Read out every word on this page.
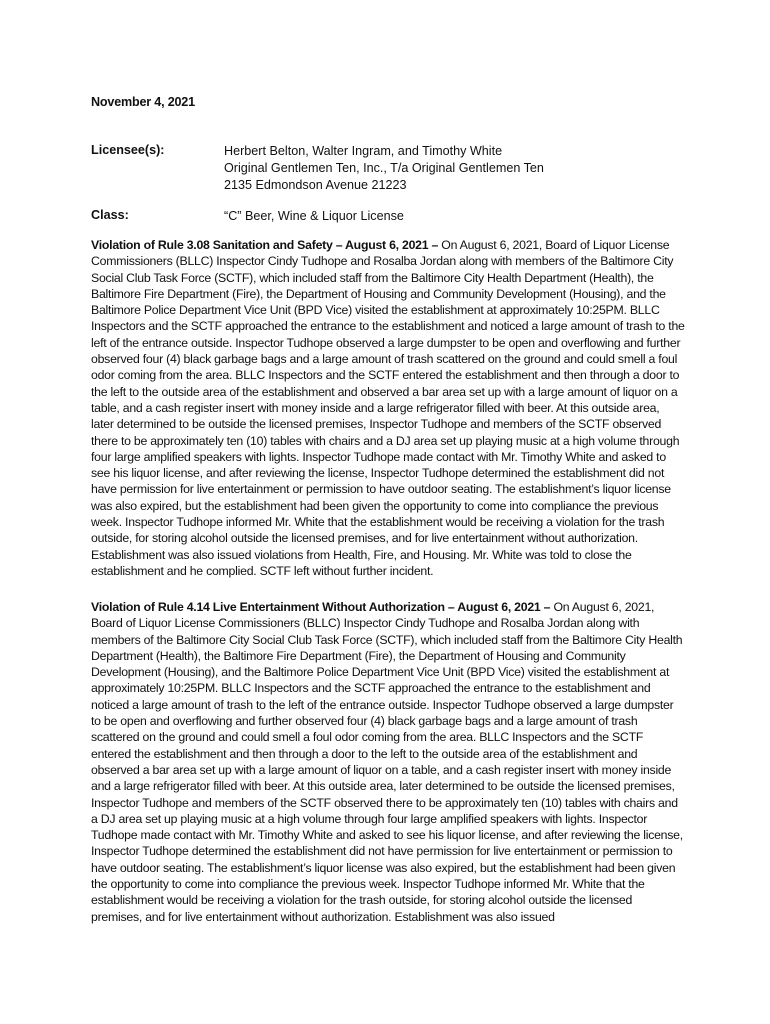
November 4, 2021
Licensee(s):	Herbert Belton, Walter Ingram, and Timothy White
Original Gentlemen Ten, Inc., T/a Original Gentlemen Ten
2135 Edmondson Avenue 21223
Class:	“C” Beer, Wine & Liquor License

Violation of Rule 3.08 Sanitation and Safety – August 6, 2021 – On August 6, 2021, Board of Liquor License Commissioners (BLLC) Inspector Cindy Tudhope and Rosalba Jordan along with members of the Baltimore City Social Club Task Force (SCTF), which included staff from the Baltimore City Health Department (Health), the Baltimore Fire Department (Fire), the Department of Housing and Community Development (Housing), and the Baltimore Police Department Vice Unit (BPD Vice) visited the establishment at approximately 10:25PM. BLLC Inspectors and the SCTF approached the entrance to the establishment and noticed a large amount of trash to the left of the entrance outside. Inspector Tudhope observed a large dumpster to be open and overflowing and further observed four (4) black garbage bags and a large amount of trash scattered on the ground and could smell a foul odor coming from the area. BLLC Inspectors and the SCTF entered the establishment and then through a door to the left to the outside area of the establishment and observed a bar area set up with a large amount of liquor on a table, and a cash register insert with money inside and a large refrigerator filled with beer. At this outside area, later determined to be outside the licensed premises, Inspector Tudhope and members of the SCTF observed there to be approximately ten (10) tables with chairs and a DJ area set up playing music at a high volume through four large amplified speakers with lights. Inspector Tudhope made contact with Mr. Timothy White and asked to see his liquor license, and after reviewing the license, Inspector Tudhope determined the establishment did not have permission for live entertainment or permission to have outdoor seating. The establishment’s liquor license was also expired, but the establishment had been given the opportunity to come into compliance the previous week. Inspector Tudhope informed Mr. White that the establishment would be receiving a violation for the trash outside, for storing alcohol outside the licensed premises, and for live entertainment without authorization. Establishment was also issued violations from Health, Fire, and Housing. Mr. White was told to close the establishment and he complied. SCTF left without further incident.

Violation of Rule 4.14 Live Entertainment Without Authorization – August 6, 2021 – On August 6, 2021, Board of Liquor License Commissioners (BLLC) Inspector Cindy Tudhope and Rosalba Jordan along with members of the Baltimore City Social Club Task Force (SCTF), which included staff from the Baltimore City Health Department (Health), the Baltimore Fire Department (Fire), the Department of Housing and Community Development (Housing), and the Baltimore Police Department Vice Unit (BPD Vice) visited the establishment at approximately 10:25PM. BLLC Inspectors and the SCTF approached the entrance to the establishment and noticed a large amount of trash to the left of the entrance outside. Inspector Tudhope observed a large dumpster to be open and overflowing and further observed four (4) black garbage bags and a large amount of trash scattered on the ground and could smell a foul odor coming from the area. BLLC Inspectors and the SCTF entered the establishment and then through a door to the left to the outside area of the establishment and observed a bar area set up with a large amount of liquor on a table, and a cash register insert with money inside and a large refrigerator filled with beer. At this outside area, later determined to be outside the licensed premises, Inspector Tudhope and members of the SCTF observed there to be approximately ten (10) tables with chairs and a DJ area set up playing music at a high volume through four large amplified speakers with lights. Inspector Tudhope made contact with Mr. Timothy White and asked to see his liquor license, and after reviewing the license, Inspector Tudhope determined the establishment did not have permission for live entertainment or permission to have outdoor seating. The establishment’s liquor license was also expired, but the establishment had been given the opportunity to come into compliance the previous week. Inspector Tudhope informed Mr. White that the establishment would be receiving a violation for the trash outside, for storing alcohol outside the licensed premises, and for live entertainment without authorization. Establishment was also issued
